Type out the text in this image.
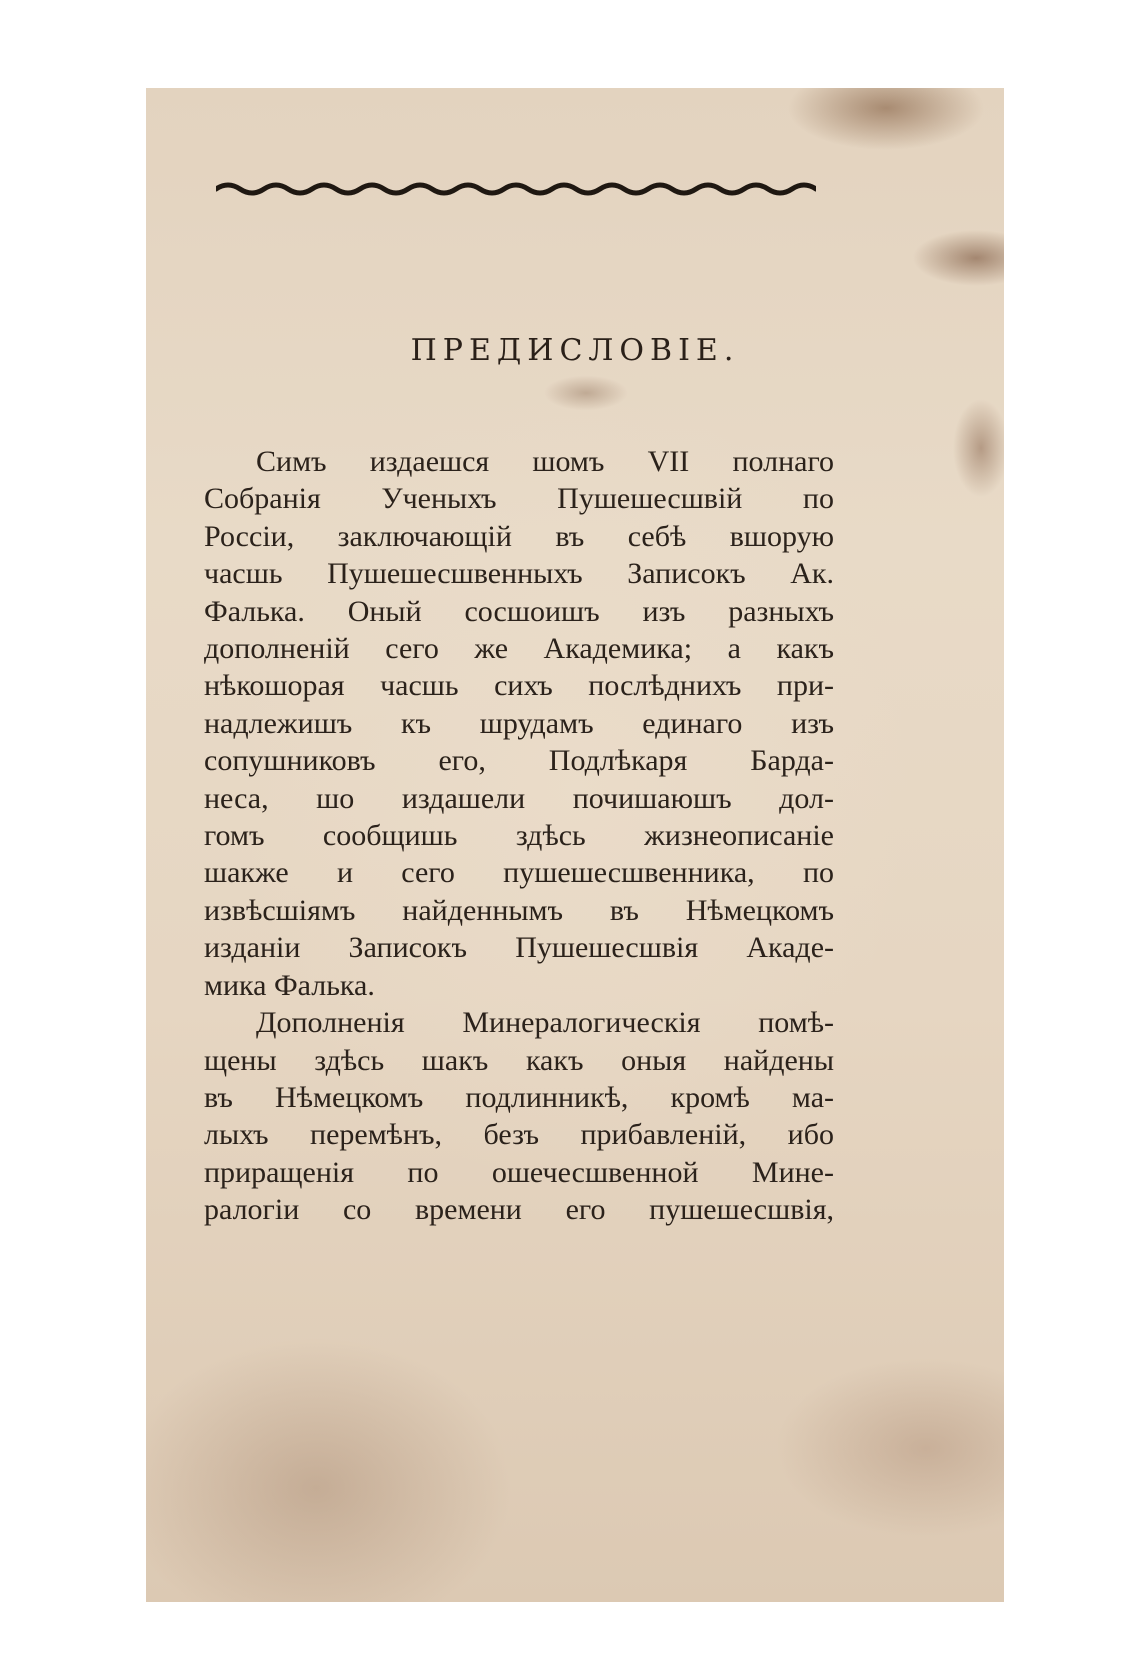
ПРЕДИСЛОВІЕ.
Симъ издаешся шомъ VII полнаго
Собранія Ученыхъ Пушешесшвій по
Россіи, заключающій въ себѣ вшорую
часшь Пушешесшвенныхъ Записокъ Ак.
Фалька. Оный сосшоишъ изъ разныхъ
дополненій сего же Академика; а какъ
нѣкошорая часшь сихъ послѣднихъ при-
надлежишъ къ шрудамъ единаго изъ
сопушниковъ его, Подлѣкаря Барда-
неса, шо издашели почишаюшъ дол-
гомъ сообщишь здѣсь жизнеописаніе
шакже и сего пушешесшвенника, по
извѣсшіямъ найденнымъ въ Нѣмецкомъ
изданіи Записокъ Пушешесшвія Акаде-
мика Фалька.
Дополненія Минералогическія помѣ-
щены здѣсь шакъ какъ оныя найдены
въ Нѣмецкомъ подлинникѣ, кромѣ ма-
лыхъ перемѣнъ, безъ прибавленій, ибо
приращенія по ошечесшвенной Мине-
ралогіи со времени его пушешесшвія,
